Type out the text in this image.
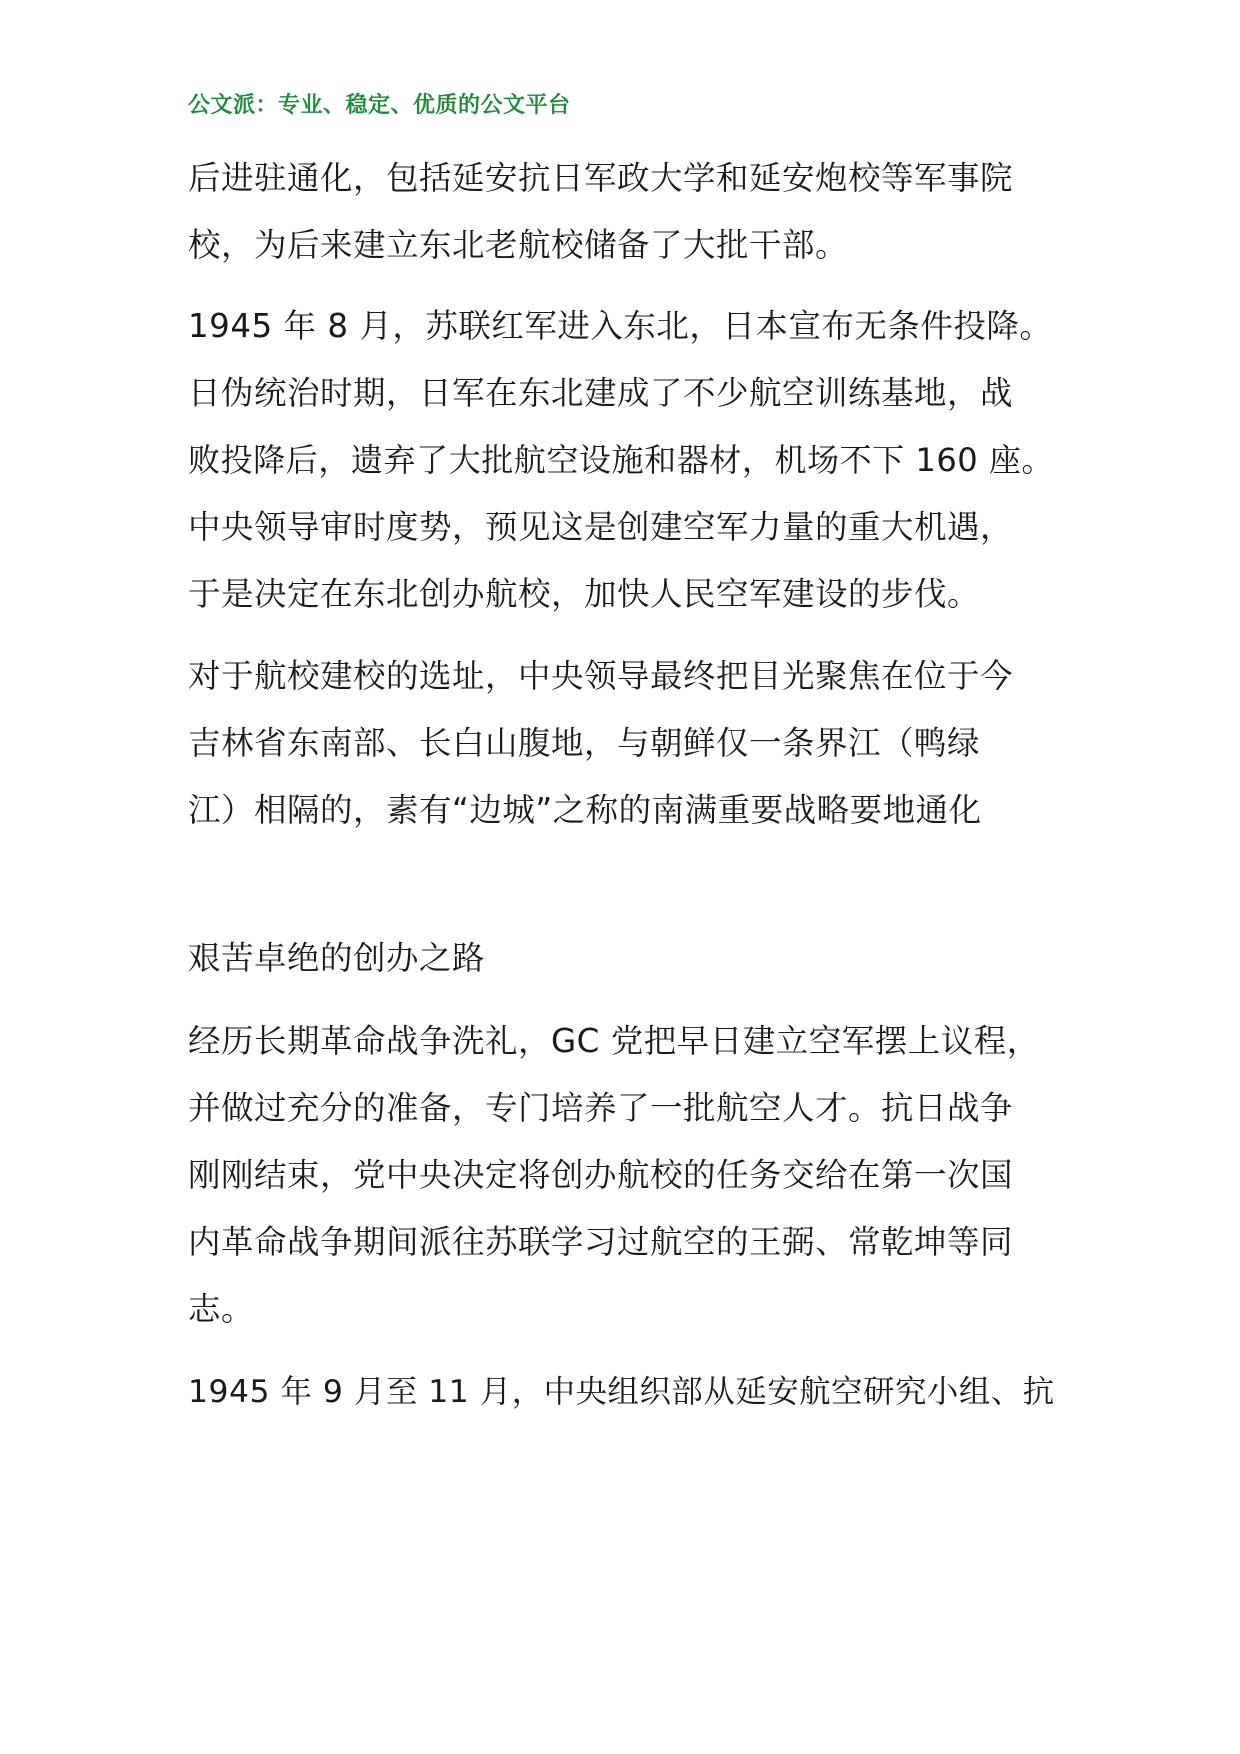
公文派：专业、稳定、优质的公文平台
后进驻通化，包括延安抗日军政大学和延安炮校等军事院
校，为后来建立东北老航校储备了大批干部。
1945 年 8 月，苏联红军进入东北，日本宣布无条件投降。
日伪统治时期，日军在东北建成了不少航空训练基地，战
败投降后，遗弃了大批航空设施和器材，机场不下 160 座。
中央领导审时度势，预见这是创建空军力量的重大机遇，
于是决定在东北创办航校，加快人民空军建设的步伐。
对于航校建校的选址，中央领导最终把目光聚焦在位于今
吉林省东南部、长白山腹地，与朝鲜仅一条界江（鸭绿
江）相隔的，素有“边城”之称的南满重要战略要地通化
艰苦卓绝的创办之路
经历长期革命战争洗礼，GC 党把早日建立空军摆上议程，
并做过充分的准备，专门培养了一批航空人才。抗日战争
刚刚结束，党中央决定将创办航校的任务交给在第一次国
内革命战争期间派往苏联学习过航空的王弼、常乾坤等同
志。
1945 年 9 月至 11 月，中央组织部从延安航空研究小组、抗
